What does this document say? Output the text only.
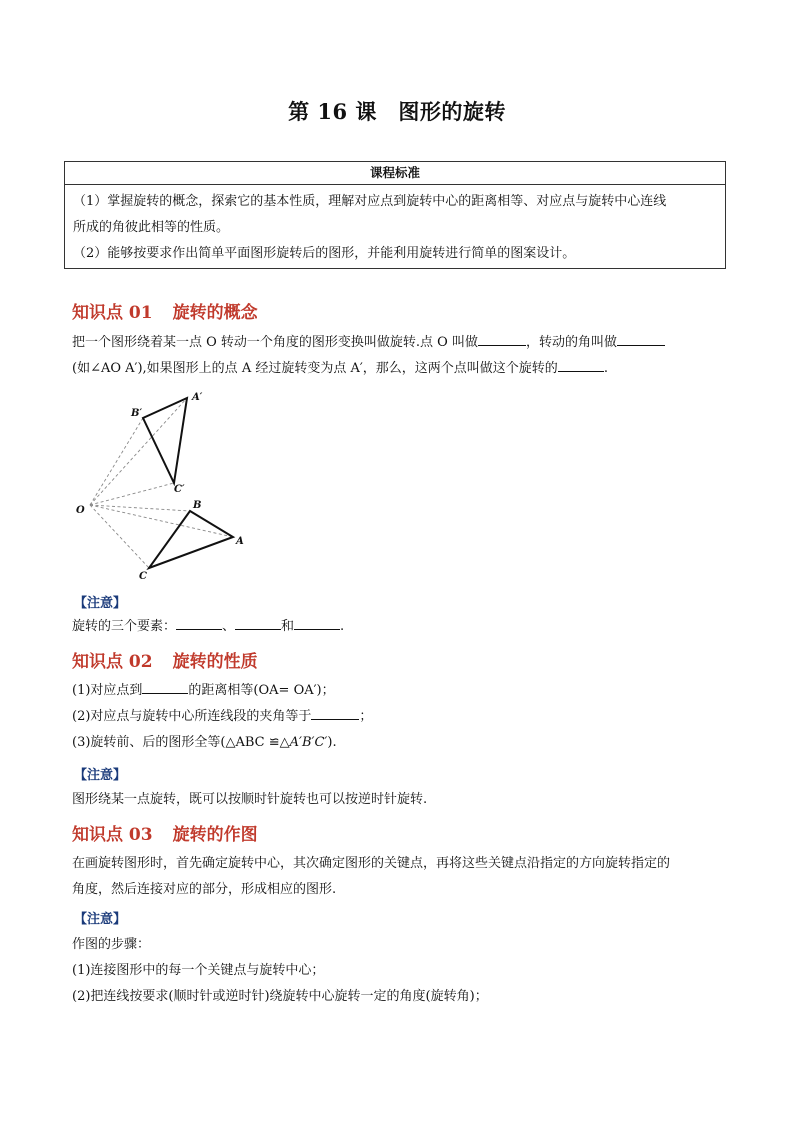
第 16 课　图形的旋转
课程标准
（1）掌握旋转的概念，探索它的基本性质，理解对应点到旋转中心的距离相等、对应点与旋转中心连线
所成的角彼此相等的性质。
（2）能够按要求作出简单平面图形旋转后的图形，并能利用旋转进行简单的图案设计。
知识点 01 旋转的概念
把一个图形绕着某一点 O 转动一个角度的图形变换叫做旋转.点 O 叫做	，转动的角叫做
(如∠AO A′),如果图形上的点 A 经过旋转变为点 A′，那么，这两个点叫做这个旋转的	.
O
A′
B′
C′
B
A
C
【注意】
旋转的三个要素：	、	和	.
知识点 02 旋转的性质
(1)对应点到	的距离相等(OA= OA′)；
(2)对应点与旋转中心所连线段的夹角等于	；
(3)旋转前、后的图形全等(△ABC ≌△A′B′C′).
【注意】
图形绕某一点旋转，既可以按顺时针旋转也可以按逆时针旋转.
知识点 03 旋转的作图
在画旋转图形时，首先确定旋转中心，其次确定图形的关键点，再将这些关键点沿指定的方向旋转指定的
角度，然后连接对应的部分，形成相应的图形.
【注意】
作图的步骤：
(1)连接图形中的每一个关键点与旋转中心；
(2)把连线按要求(顺时针或逆时针)绕旋转中心旋转一定的角度(旋转角)；
